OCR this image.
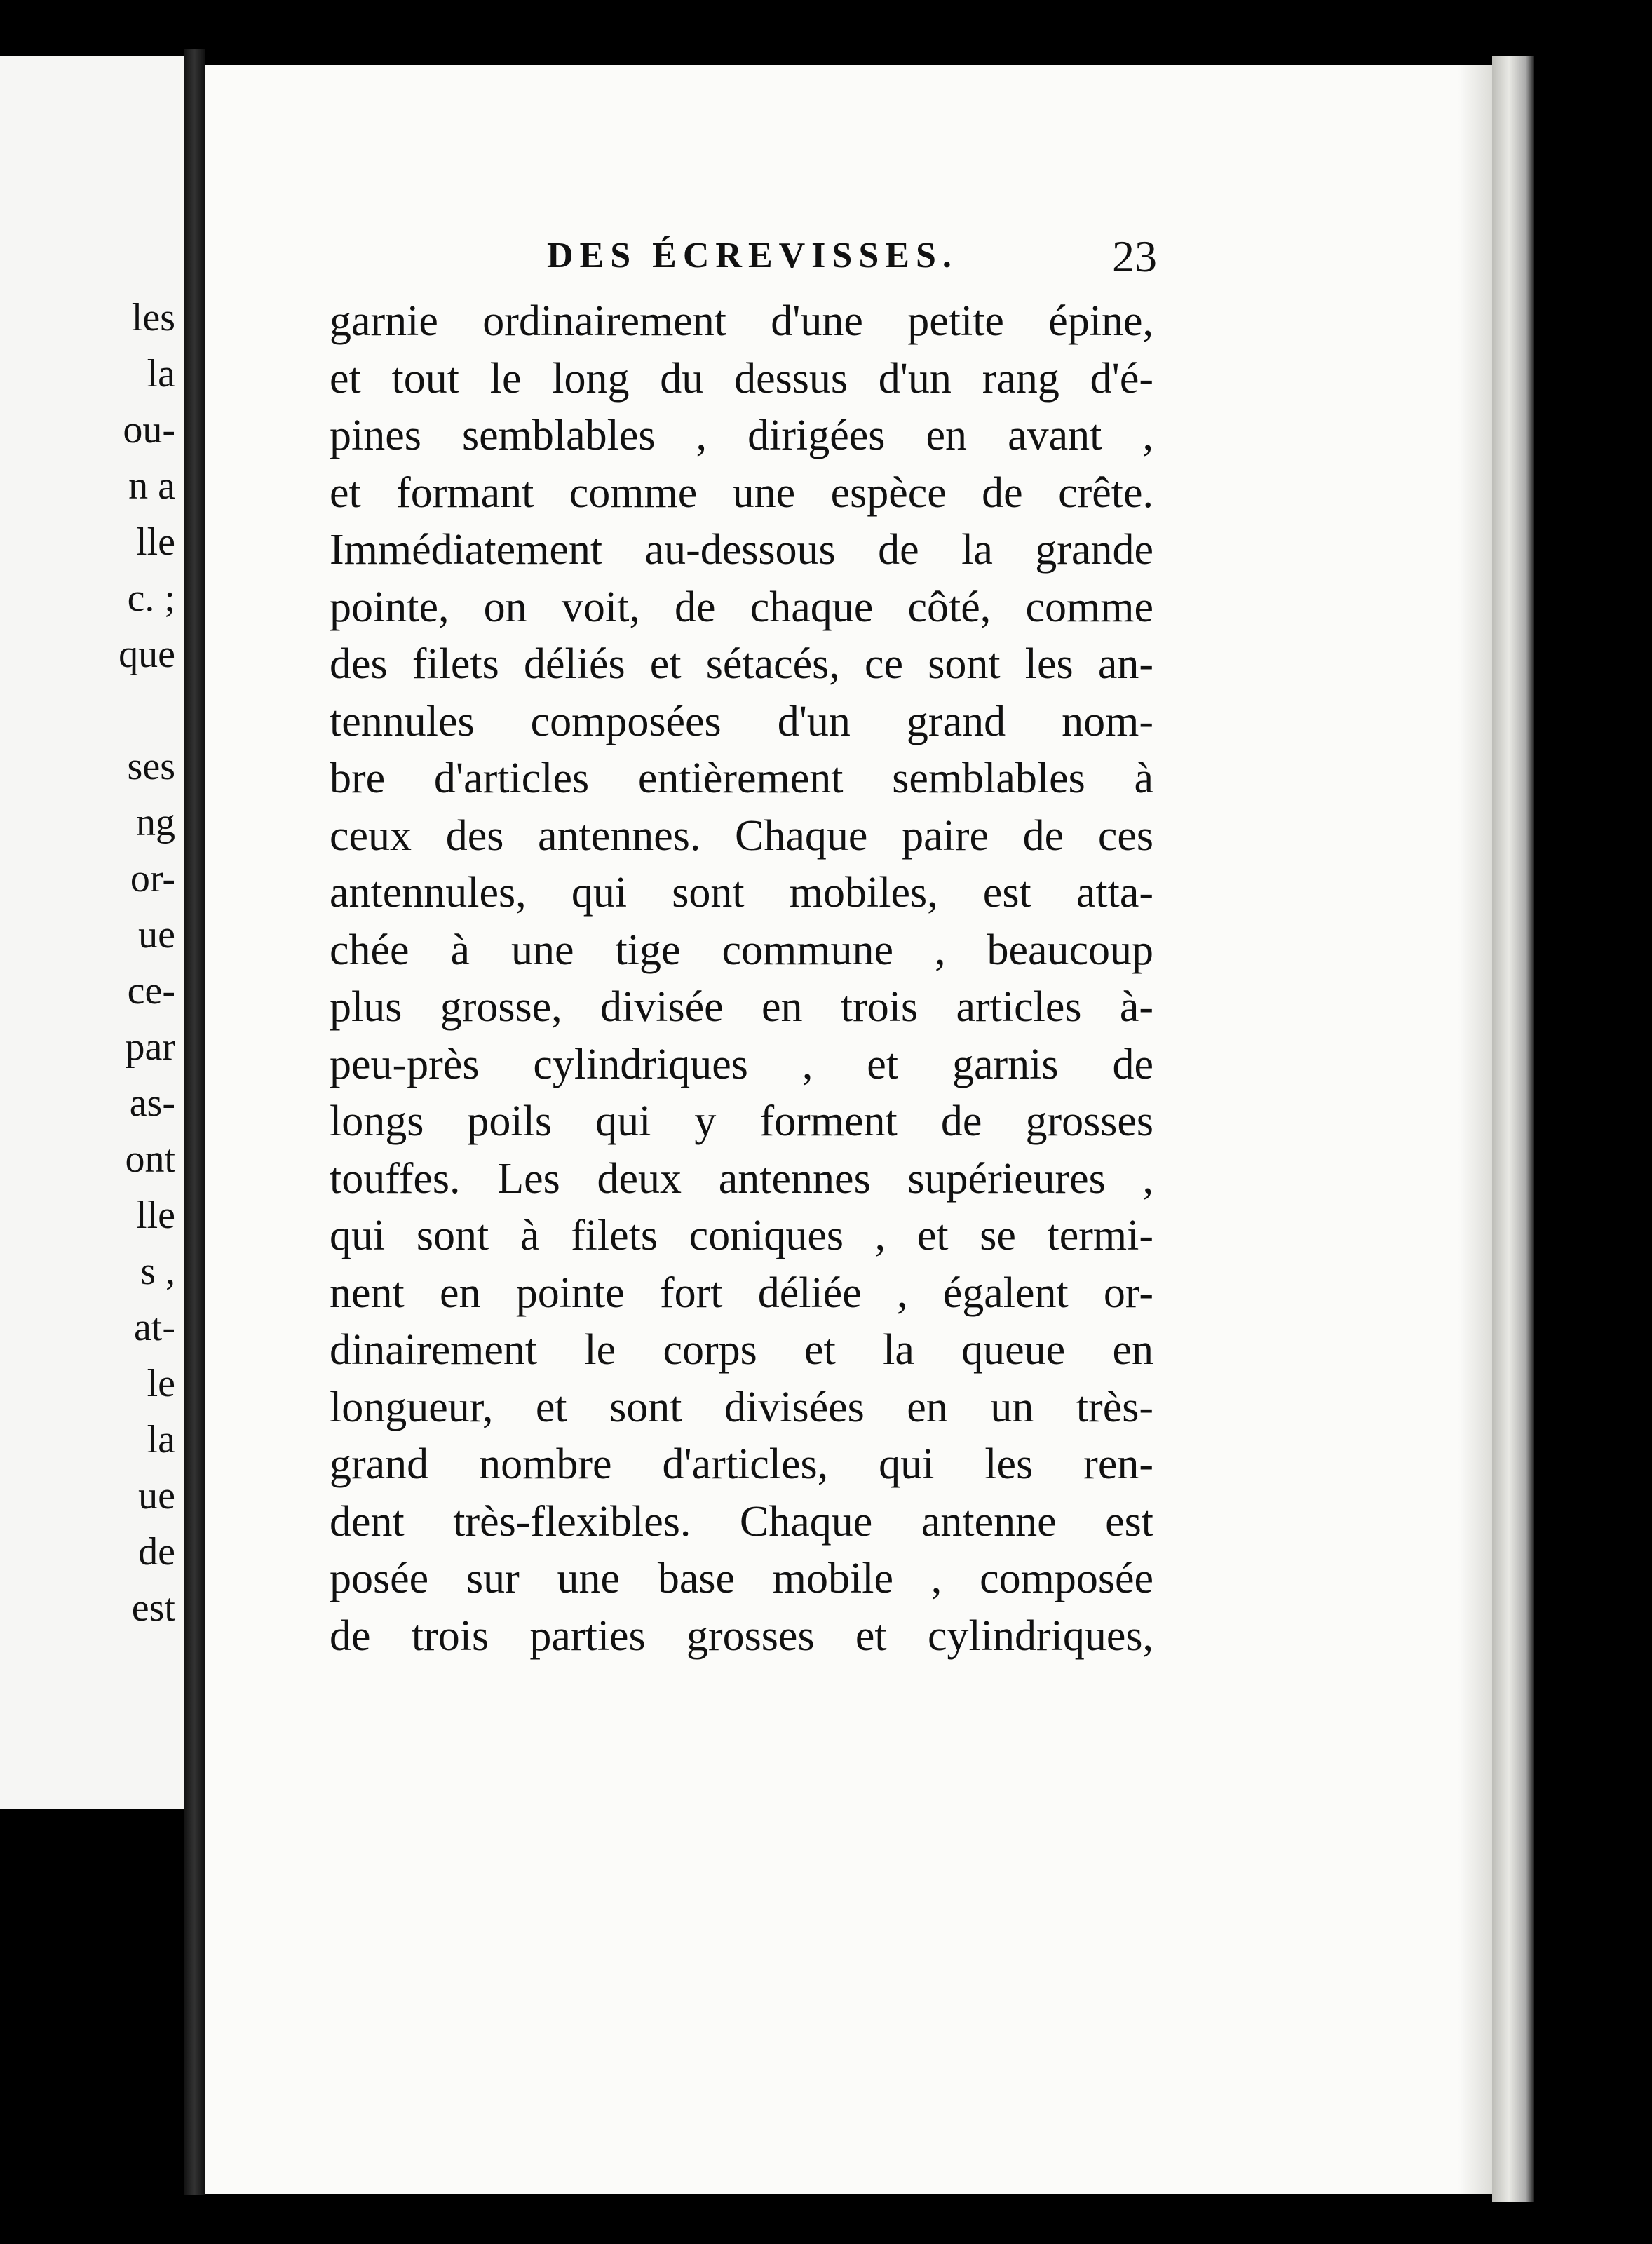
les
la
ou-
n a
lle
c. ;
que
ses
ng
or-
ue
ce-
par
as-
ont
lle
s ,
at-
le
la
ue
de
est
DES ÉCREVISSES.	23
garnie ordinairement d'une petite épine,
et tout le long du dessus d'un rang d'é-
pines semblables , dirigées en avant ,
et formant comme une espèce de crête.
Immédiatement au-dessous de la grande
pointe, on voit, de chaque côté, comme
des filets déliés et sétacés, ce sont les an-
tennules composées d'un grand nom-
bre d'articles entièrement semblables à
ceux des antennes. Chaque paire de ces
antennules, qui sont mobiles, est atta-
chée à une tige commune , beaucoup
plus grosse, divisée en trois articles à-
peu-près cylindriques , et garnis de
longs poils qui y forment de grosses
touffes. Les deux antennes supérieures ,
qui sont à filets coniques , et se termi-
nent en pointe fort déliée , égalent or-
dinairement le corps et la queue en
longueur, et sont divisées en un très-
grand nombre d'articles, qui les ren-
dent très-flexibles. Chaque antenne est
posée sur une base mobile , composée
de trois parties grosses et cylindriques,
